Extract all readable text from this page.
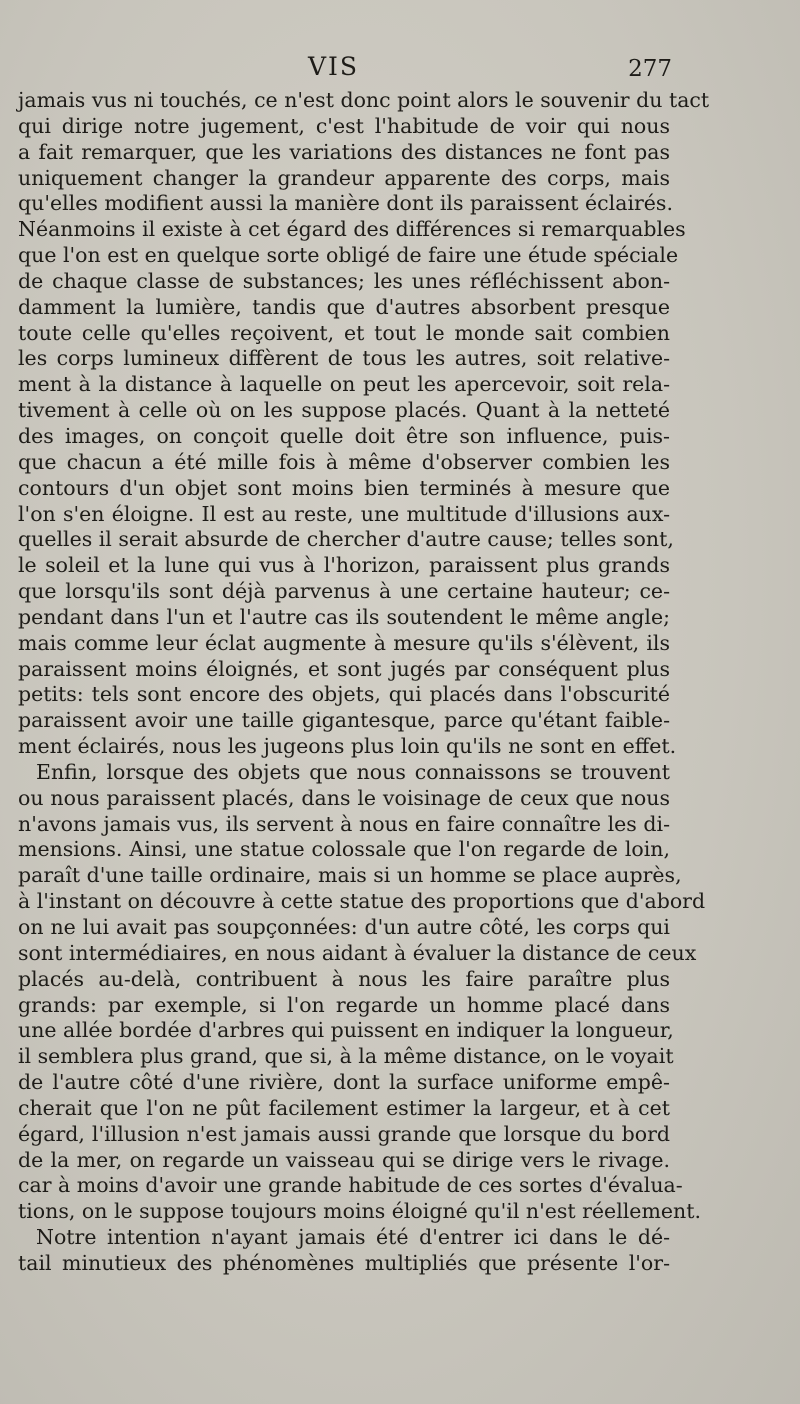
VIS	277
jamais vus ni touchés, ce n'est donc point alors le souvenir du tact
qui dirige notre jugement, c'est l'habitude de voir qui nous
a fait remarquer, que les variations des distances ne font pas
uniquement changer la grandeur apparente des corps, mais
qu'elles modifient aussi la manière dont ils paraissent éclairés.
Néanmoins il existe à cet égard des différences si remarquables
que l'on est en quelque sorte obligé de faire une étude spéciale
de chaque classe de substances; les unes réfléchissent abon-
damment la lumière, tandis que d'autres absorbent presque
toute celle qu'elles reçoivent, et tout le monde sait combien
les corps lumineux diffèrent de tous les autres, soit relative-
ment à la distance à laquelle on peut les apercevoir, soit rela-
tivement à celle où on les suppose placés. Quant à la netteté
des images, on conçoit quelle doit être son influence, puis-
que chacun a été mille fois à même d'observer combien les
contours d'un objet sont moins bien terminés à mesure que
l'on s'en éloigne. Il est au reste, une multitude d'illusions aux-
quelles il serait absurde de chercher d'autre cause; telles sont,
le soleil et la lune qui vus à l'horizon, paraissent plus grands
que lorsqu'ils sont déjà parvenus à une certaine hauteur; ce-
pendant dans l'un et l'autre cas ils soutendent le même angle;
mais comme leur éclat augmente à mesure qu'ils s'élèvent, ils
paraissent moins éloignés, et sont jugés par conséquent plus
petits: tels sont encore des objets, qui placés dans l'obscurité
paraissent avoir une taille gigantesque, parce qu'étant faible-
ment éclairés, nous les jugeons plus loin qu'ils ne sont en effet.
Enfin, lorsque des objets que nous connaissons se trouvent
ou nous paraissent placés, dans le voisinage de ceux que nous
n'avons jamais vus, ils servent à nous en faire connaître les di-
mensions. Ainsi, une statue colossale que l'on regarde de loin,
paraît d'une taille ordinaire, mais si un homme se place auprès,
à l'instant on découvre à cette statue des proportions que d'abord
on ne lui avait pas soupçonnées: d'un autre côté, les corps qui
sont intermédiaires, en nous aidant à évaluer la distance de ceux
placés au-delà, contribuent à nous les faire paraître plus
grands: par exemple, si l'on regarde un homme placé dans
une allée bordée d'arbres qui puissent en indiquer la longueur,
il semblera plus grand, que si, à la même distance, on le voyait
de l'autre côté d'une rivière, dont la surface uniforme empê-
cherait que l'on ne pût facilement estimer la largeur, et à cet
égard, l'illusion n'est jamais aussi grande que lorsque du bord
de la mer, on regarde un vaisseau qui se dirige vers le rivage.
car à moins d'avoir une grande habitude de ces sortes d'évalua-
tions, on le suppose toujours moins éloigné qu'il n'est réellement.
Notre intention n'ayant jamais été d'entrer ici dans le dé-
tail minutieux des phénomènes multipliés que présente l'or-
